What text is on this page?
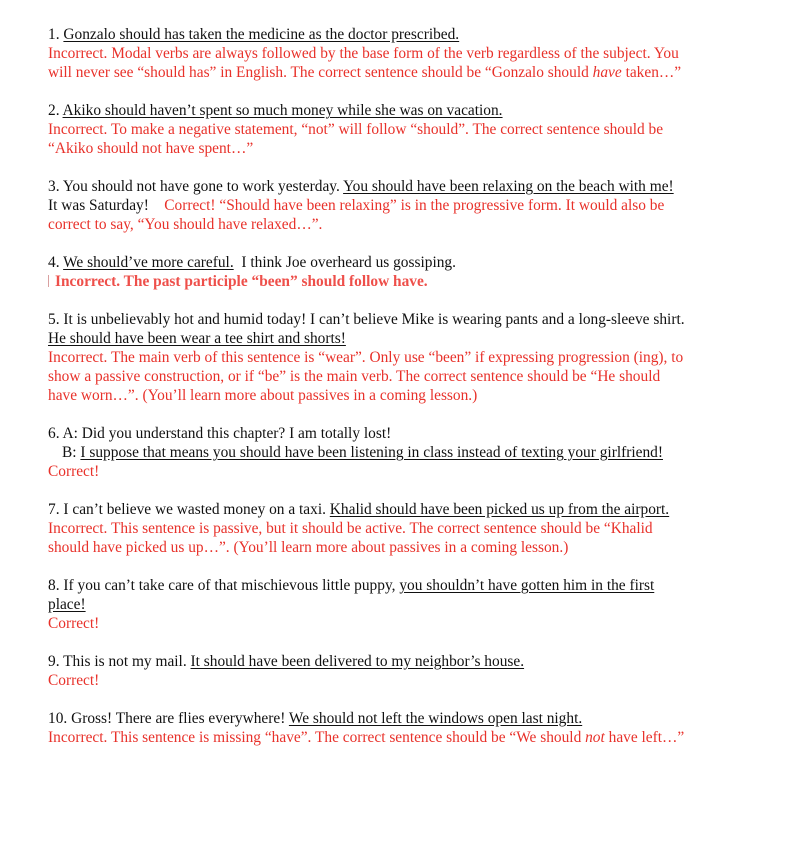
1. Gonzalo should has taken the medicine as the doctor prescribed.

Incorrect. Modal verbs are always followed by the base form of the verb regardless of the subject. You will never see “should has” in English. The correct sentence should be “Gonzalo should have taken…”

2. Akiko should haven’t spent so much money while she was on vacation.

Incorrect. To make a negative statement, “not” will follow “should”. The correct sentence should be “Akiko should not have spent…”

3. You should not have gone to work yesterday. You should have been relaxing on the beach with me!  It was Saturday!    Correct! “Should have been relaxing” is in the progressive form. It would also be correct to say, “You should have relaxed…”.

4. We should’ve more careful.  I think Joe overheard us gossiping.

Incorrect. The past participle “been” should follow have.

5. It is unbelievably hot and humid today! I can’t believe Mike is wearing pants and a long-sleeve shirt. He should have been wear a tee shirt and shorts!

Incorrect. The main verb of this sentence is “wear”. Only use “been” if expressing progression (ing), to show a passive construction, or if “be” is the main verb. The correct sentence should be “He should have worn…”. (You’ll learn more about passives in a coming lesson.)

6. A: Did you understand this chapter? I am totally lost!

B: I suppose that means you should have been listening in class instead of texting your girlfriend!

Correct!

7. I can’t believe we wasted money on a taxi. Khalid should have been picked us up from the airport.

Incorrect. This sentence is passive, but it should be active. The correct sentence should be “Khalid should have picked us up…”. (You’ll learn more about passives in a coming lesson.)

8. If you can’t take care of that mischievous little puppy, you shouldn’t have gotten him in the first place!

Correct!

9. This is not my mail. It should have been delivered to my neighbor’s house.

Correct!

10. Gross! There are flies everywhere! We should not left the windows open last night.

Incorrect. This sentence is missing “have”. The correct sentence should be “We should not have left…”
